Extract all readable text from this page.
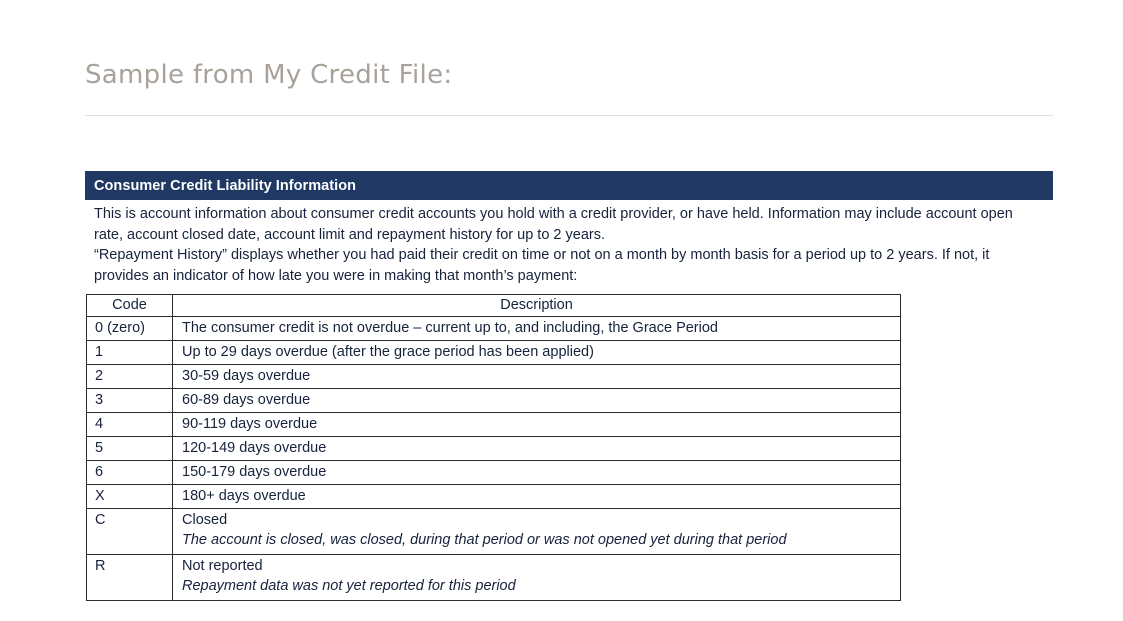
Sample from My Credit File:
Consumer Credit Liability Information

This is account information about consumer credit accounts you hold with a credit provider, or have held. Information may include account open rate, account closed date, account limit and repayment history for up to 2 years.

“Repayment History” displays whether you had paid their credit on time or not on a month by month basis for a period up to 2 years. If not, it provides an indicator of how late you were in making that month’s payment:

Code	Description
0 (zero)	The consumer credit is not overdue – current up to, and including, the Grace Period

1	Up to 29 days overdue (after the grace period has been applied)

2	30-59 days overdue

3	60-89 days overdue

4	90-119 days overdue

5	120-149 days overdue

6	150-179 days overdue

X	180+ days overdue

C	Closed
The account is closed, was closed, during that period or was not opened yet during that period

R	Not reported
Repayment data was not yet reported for this period
